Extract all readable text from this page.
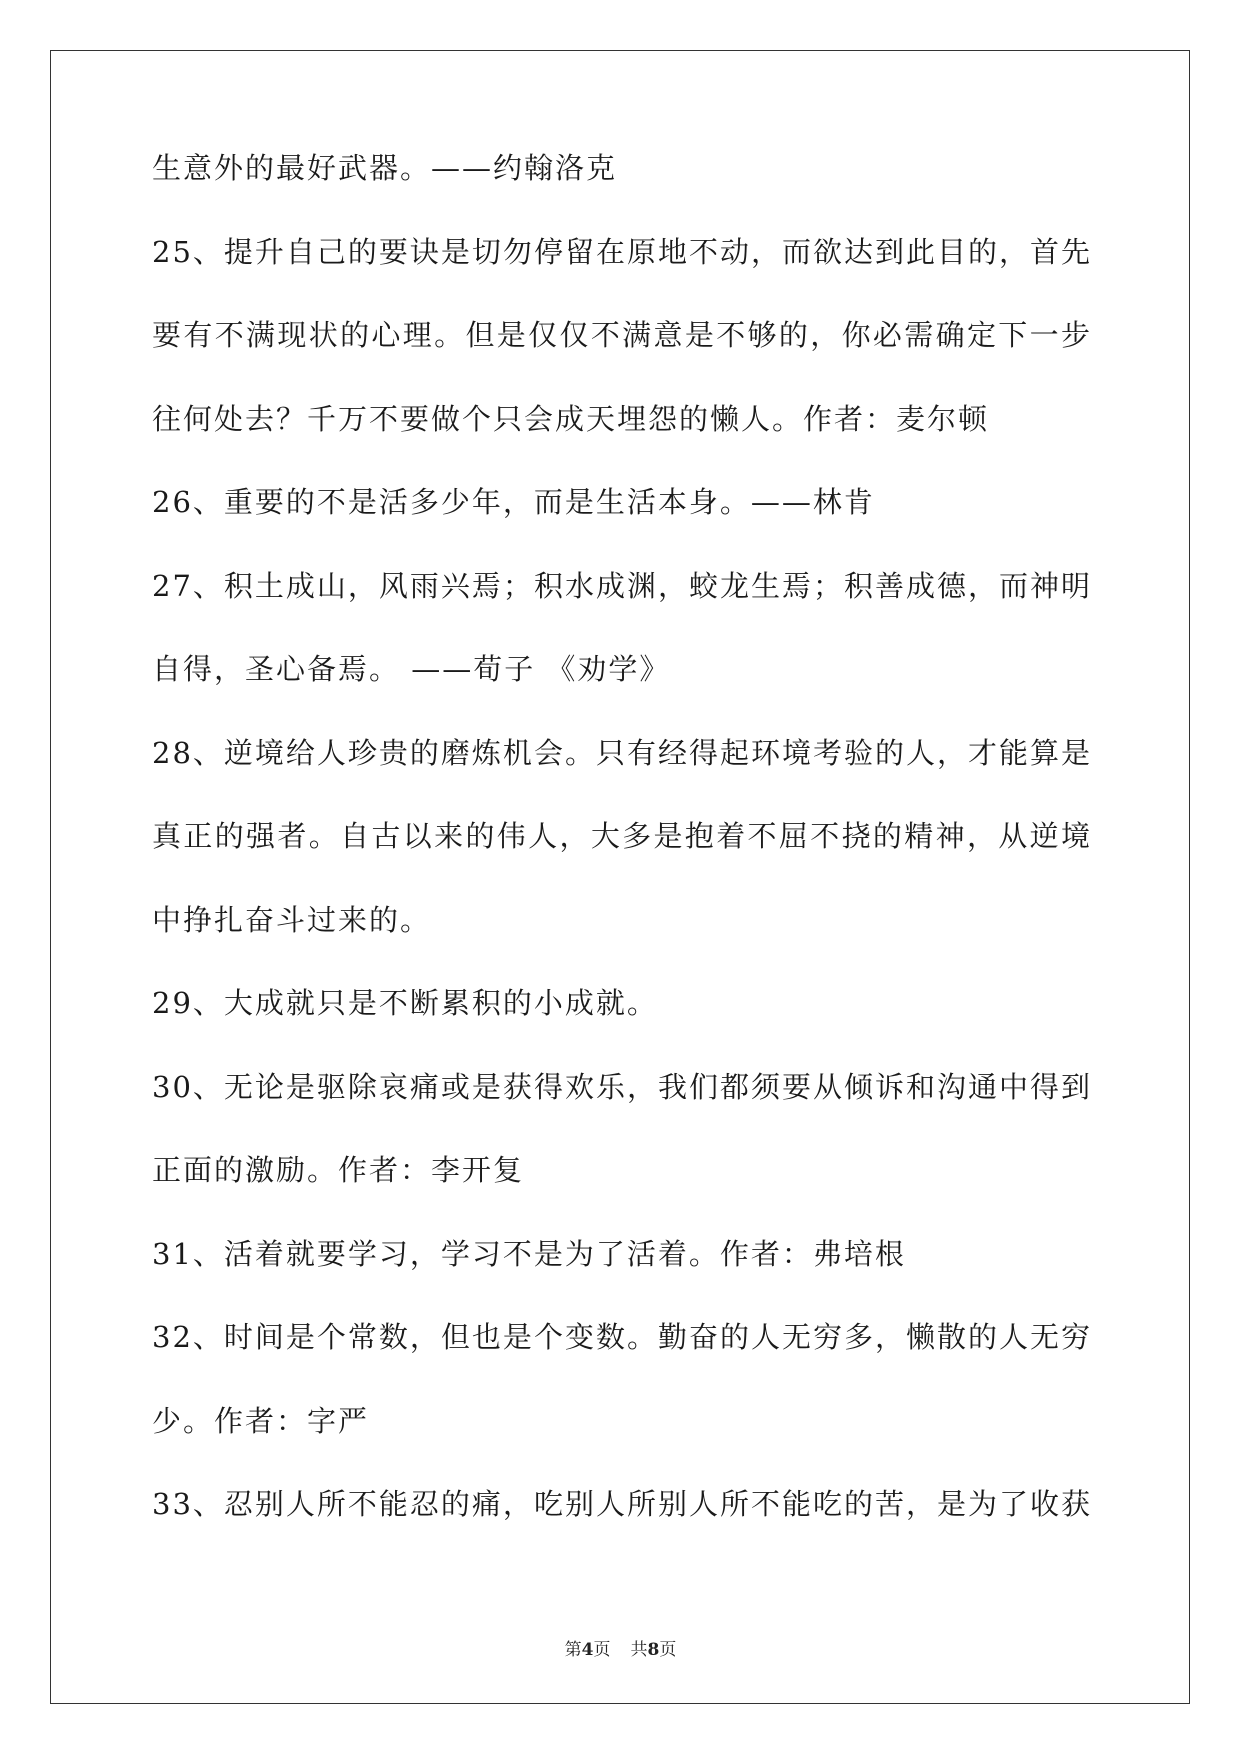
生意外的最好武器。——约翰洛克
25、提升自己的要诀是切勿停留在原地不动，而欲达到此目的，首先
要有不满现状的心理。但是仅仅不满意是不够的，你必需确定下一步
往何处去？千万不要做个只会成天埋怨的懒人。作者：麦尔顿
26、重要的不是活多少年，而是生活本身。——林肯
27、积土成山，风雨兴焉；积水成渊，蛟龙生焉；积善成德，而神明
自得，圣心备焉。 ——荀子 《劝学》
28、逆境给人珍贵的磨炼机会。只有经得起环境考验的人，才能算是
真正的强者。自古以来的伟人，大多是抱着不屈不挠的精神，从逆境
中挣扎奋斗过来的。
29、大成就只是不断累积的小成就。
30、无论是驱除哀痛或是获得欢乐，我们都须要从倾诉和沟通中得到
正面的激励。作者：李开复
31、活着就要学习，学习不是为了活着。作者：弗培根
32、时间是个常数，但也是个变数。勤奋的人无穷多，懒散的人无穷
少。作者：字严
33、忍别人所不能忍的痛，吃别人所别人所不能吃的苦，是为了收获
第4页 共8页
